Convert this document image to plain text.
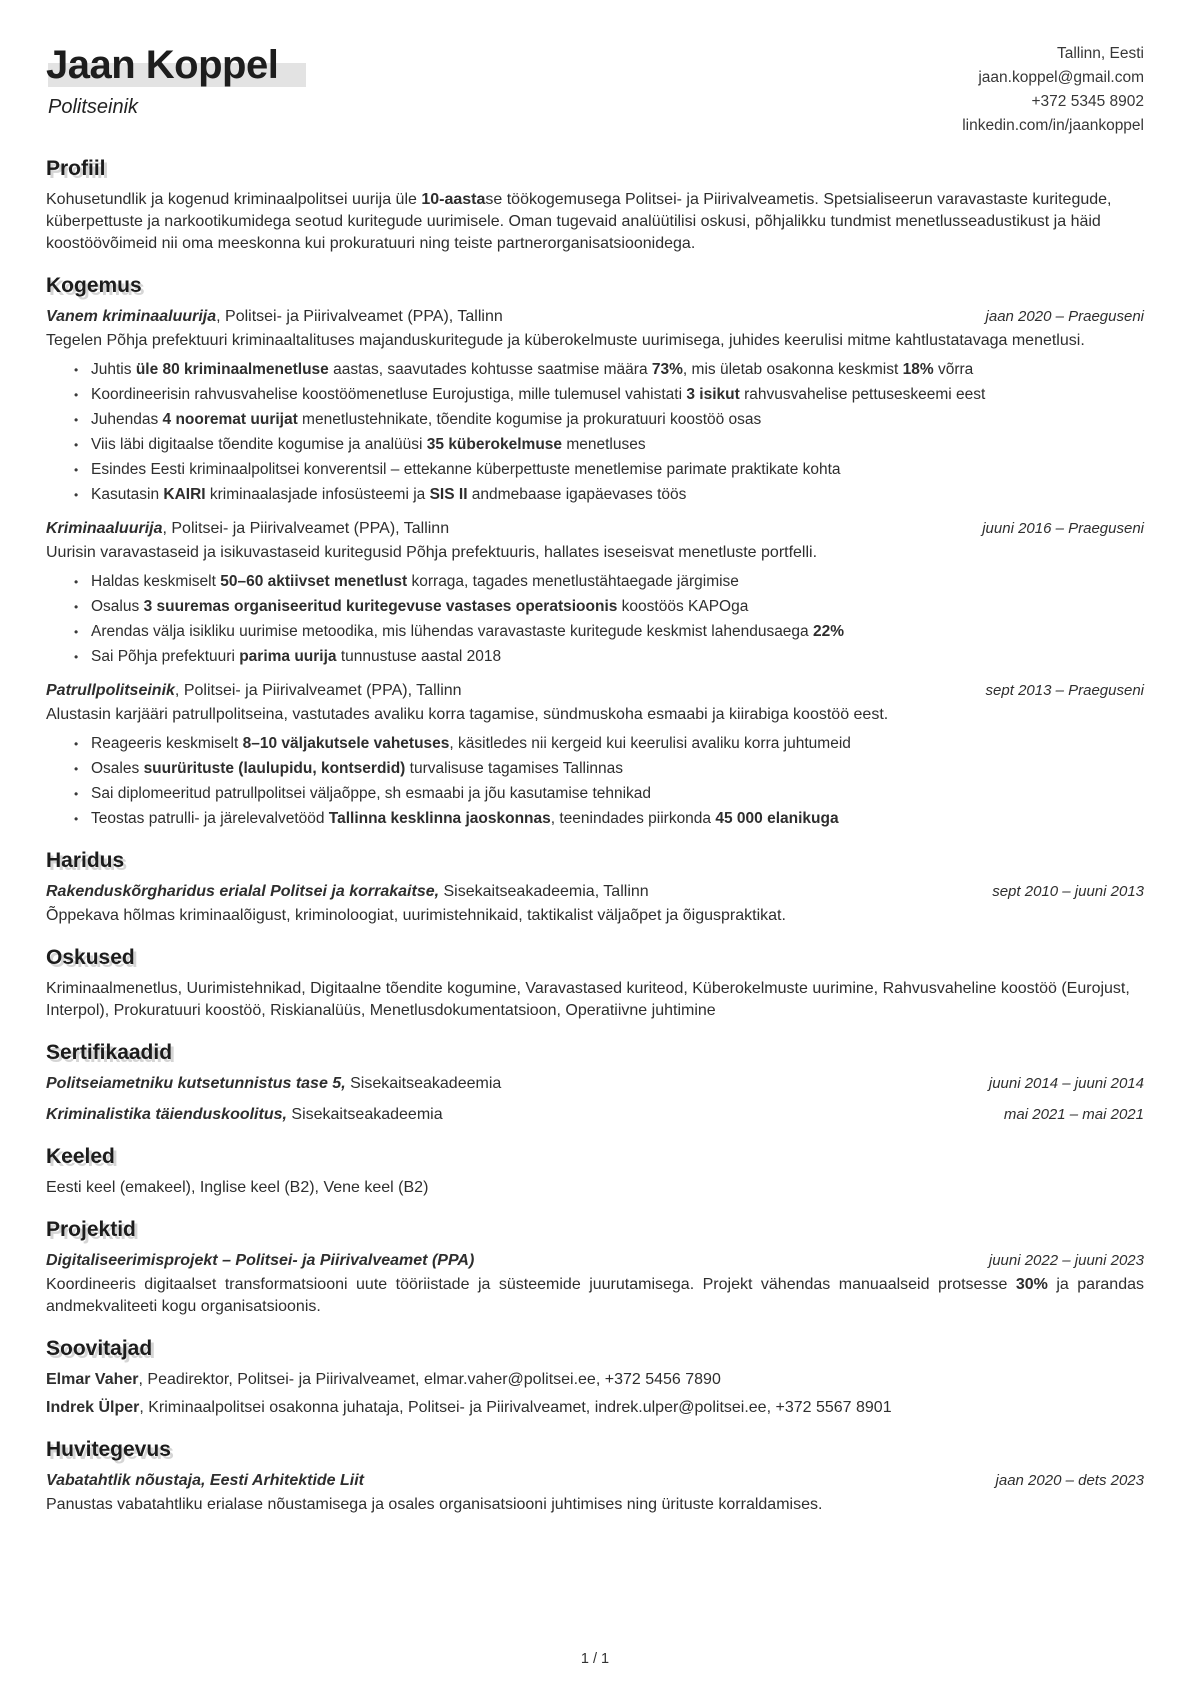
Jaan Koppel
Politseinik
Tallinn, Eesti
jaan.koppel@gmail.com
+372 5345 8902
linkedin.com/in/jaankoppel
Profiil

Kohusetundlik ja kogenud kriminaalpolitsei uurija üle 10-aastase töökogemusega Politsei- ja Piirivalveametis. Spetsialiseerun varavastaste kuritegude, küberpettuste ja narkootikumidega seotud kuritegude uurimisele. Oman tugevaid analüütilisi oskusi, põhjalikku tundmist menetlusseadustikust ja häid koostöövõimeid nii oma meeskonna kui prokuratuuri ning teiste partnerorganisatsioonidega.

Kogemus
Vanem kriminaaluurija, Politsei- ja Piirivalveamet (PPA), Tallinn	jaan 2020 – Praeguseni

Tegelen Põhja prefektuuri kriminaaltalituses majanduskuritegude ja küberokelmuste uurimisega, juhides keerulisi mitme kahtlustatavaga menetlusi.

• Juhtis üle 80 kriminaalmenetluse aastas, saavutades kohtusse saatmise määra 73%, mis ületab osakonna keskmist 18% võrra
• Koordineerisin rahvusvahelise koostöömenetluse Eurojustiga, mille tulemusel vahistati 3 isikut rahvusvahelise pettuseskeemi eest
• Juhendas 4 nooremat uurijat menetlustehnikate, tõendite kogumise ja prokuratuuri koostöö osas
• Viis läbi digitaalse tõendite kogumise ja analüüsi 35 küberokelmuse menetluses
• Esindes Eesti kriminaalpolitsei konverentsil – ettekanne küberpettuste menetlemise parimate praktikate kohta
• Kasutasin KAIRI kriminaalasjade infosüsteemi ja SIS II andmebaase igapäevases töös
Kriminaaluurija, Politsei- ja Piirivalveamet (PPA), Tallinn	juuni 2016 – Praeguseni

Uurisin varavastaseid ja isikuvastaseid kuritegusid Põhja prefektuuris, hallates iseseisvat menetluste portfelli.

• Haldas keskmiselt 50–60 aktiivset menetlust korraga, tagades menetlustähtaegade järgimise
• Osalus 3 suuremas organiseeritud kuritegevuse vastases operatsioonis koostöös KAPOga
• Arendas välja isikliku uurimise metoodika, mis lühendas varavastaste kuritegude keskmist lahendusaega 22%
• Sai Põhja prefektuuri parima uurija tunnustuse aastal 2018
Patrullpolitseinik, Politsei- ja Piirivalveamet (PPA), Tallinn	sept 2013 – Praeguseni

Alustasin karjääri patrullpolitseina, vastutades avaliku korra tagamise, sündmuskoha esmaabi ja kiirabiga koostöö eest.

• Reageeris keskmiselt 8–10 väljakutsele vahetuses, käsitledes nii kergeid kui keerulisi avaliku korra juhtumeid
• Osales suurürituste (laulupidu, kontserdid) turvalisuse tagamises Tallinnas
• Sai diplomeeritud patrullpolitsei väljaõppe, sh esmaabi ja jõu kasutamise tehnikad
• Teostas patrulli- ja järelevalvetööd Tallinna kesklinna jaoskonnas, teenindades piirkonda 45 000 elanikuga
Haridus
Rakenduskõrgharidus erialal Politsei ja korrakaitse, Sisekaitseakadeemia, Tallinn	sept 2010 – juuni 2013

Õppekava hõlmas kriminaalõigust, kriminoloogiat, uurimistehnikaid, taktikalist väljaõpet ja õiguspraktikat.

Oskused

Kriminaalmenetlus, Uurimistehnikad, Digitaalne tõendite kogumine, Varavastased kuriteod, Küberokelmuste uurimine, Rahvusvaheline koostöö (Eurojust, Interpol), Prokuratuuri koostöö, Riskianalüüs, Menetlusdokumentatsioon, Operatiivne juhtimine

Sertifikaadid
Politseiametniku kutsetunnistus tase 5, Sisekaitseakadeemia	juuni 2014 – juuni 2014
Kriminalistika täienduskoolitus, Sisekaitseakadeemia	mai 2021 – mai 2021
Keeled

Eesti keel (emakeel), Inglise keel (B2), Vene keel (B2)

Projektid
Digitaliseerimisprojekt – Politsei- ja Piirivalveamet (PPA)	juuni 2022 – juuni 2023

Koordineeris digitaalset transformatsiooni uute tööriistade ja süsteemide juurutamisega. Projekt vähendas manuaalseid protsesse 30% ja parandas andmekvaliteeti kogu organisatsioonis.

Soovitajad
Elmar Vaher, Peadirektor, Politsei- ja Piirivalveamet, elmar.vaher@politsei.ee, +372 5456 7890
Indrek Ülper, Kriminaalpolitsei osakonna juhataja, Politsei- ja Piirivalveamet, indrek.ulper@politsei.ee, +372 5567 8901
Huvitegevus
Vabatahtlik nõustaja, Eesti Arhitektide Liit	jaan 2020 – dets 2023

Panustas vabatahtliku erialase nõustamisega ja osales organisatsiooni juhtimises ning ürituste korraldamises.

1 / 1
